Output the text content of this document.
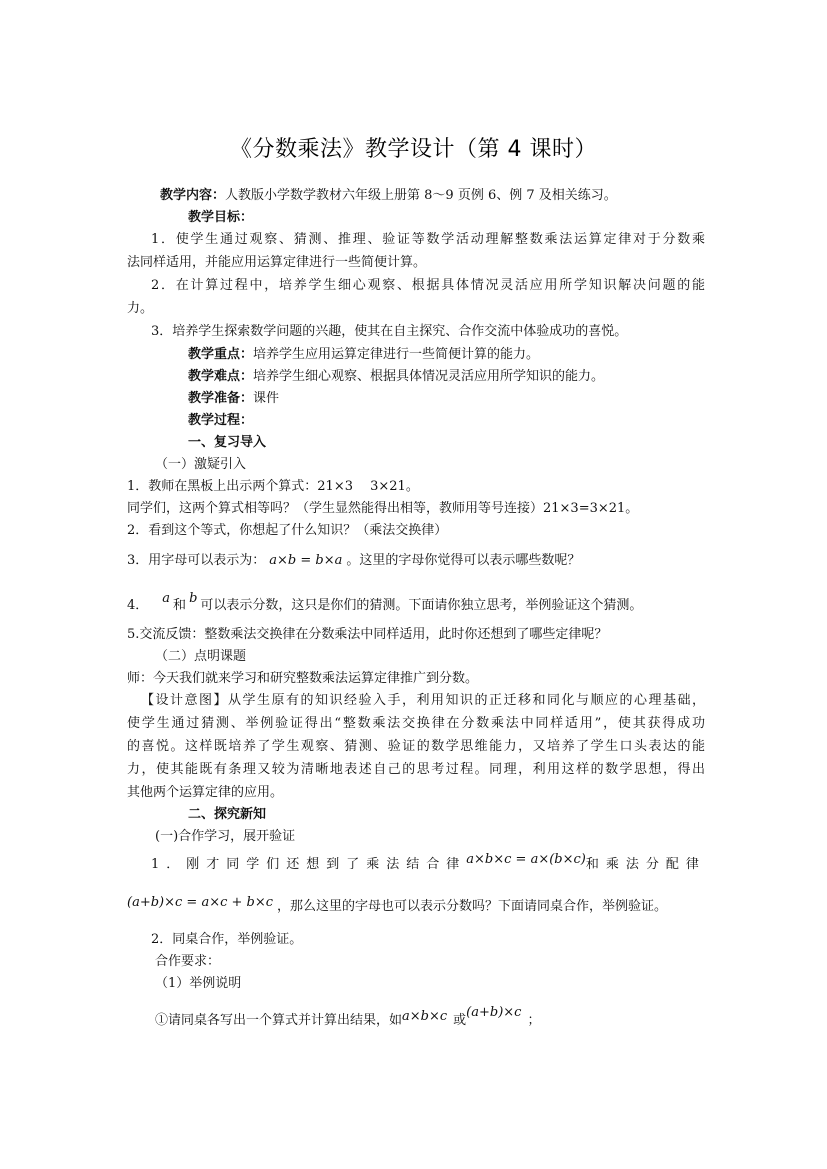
《分数乘法》教学设计（第 4 课时）
教学内容：人教版小学数学教材六年级上册第 8～9 页例 6、例 7 及相关练习。
教学目标：
1．使学生通过观察、猜测、推理、验证等数学活动理解整数乘法运算定律对于分数乘
法同样适用，并能应用运算定律进行一些简便计算。
2．在计算过程中，培养学生细心观察、根据具体情况灵活应用所学知识解决问题的能
力。
3．培养学生探索数学问题的兴趣，使其在自主探究、合作交流中体验成功的喜悦。
教学重点：培养学生应用运算定律进行一些简便计算的能力。
教学难点：培养学生细心观察、根据具体情况灵活应用所学知识的能力。
教学准备：课件
教学过程：
一、复习导入
（一）激疑引入
1．教师在黑板上出示两个算式：21×3　 3×21。
同学们，这两个算式相等吗？（学生显然能得出相等，教师用等号连接）21×3=3×21。
2．看到这个等式，你想起了什么知识？（乘法交换律）
3．用字母可以表示为： a×b = b×a 。这里的字母你觉得可以表示哪些数呢？
4． a 和 b 可以表示分数，这只是你们的猜测。下面请你独立思考，举例验证这个猜测。
5.交流反馈：整数乘法交换律在分数乘法中同样适用，此时你还想到了哪些定律呢？
（二）点明课题
师：今天我们就来学习和研究整数乘法运算定律推广到分数。
【设计意图】从学生原有的知识经验入手，利用知识的正迁移和同化与顺应的心理基础，
使学生通过猜测、举例验证得出“整数乘法交换律在分数乘法中同样适用”，使其获得成功
的喜悦。这样既培养了学生观察、猜测、验证的数学思维能力，又培养了学生口头表达的能
力，使其能既有条理又较为清晰地表述自己的思考过程。同理，利用这样的数学思想，得出
其他两个运算定律的应用。
二、探究新知
(一)合作学习，展开验证
1．刚才同学们还想到了乘法结合律 a×b×c = a×(b×c) 和乘法分配律
(a+b)×c = a×c + b×c ，那么这里的字母也可以表示分数吗？下面请同桌合作，举例验证。
2．同桌合作，举例验证。
合作要求：
（1）举例说明
①请同桌各写出一个算式并计算出结果，如a×b×c 或(a+b)×c；
